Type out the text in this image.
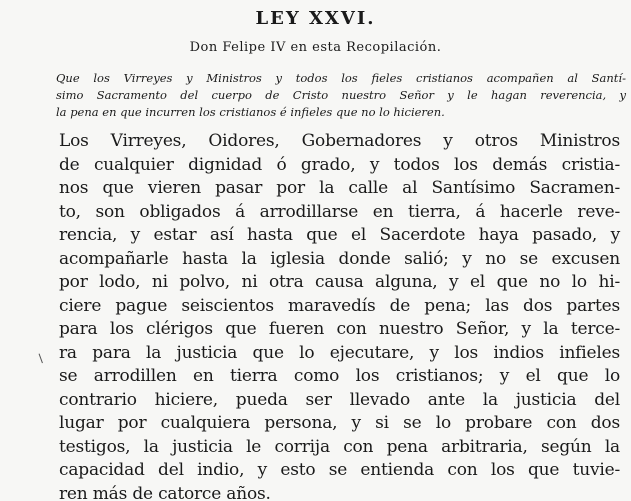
LEY XXVI.

Don Felipe IV en esta Recopilación.

Que los Virreyes y Ministros y todos los fieles cristianos acompañen al Santí-
simo Sacramento del cuerpo de Cristo nuestro Señor y le hagan reverencia, y
la pena en que incurren los cristianos é infieles que no lo hicieren.

Los Virreyes, Oidores, Gobernadores y otros Ministros
de cualquier dignidad ó grado, y todos los demás cristia-
nos que vieren pasar por la calle al Santísimo Sacramen-
to, son obligados á arrodillarse en tierra, á hacerle reve-
rencia, y estar así hasta que el Sacerdote haya pasado, y
acompañarle hasta la iglesia donde salió; y no se excusen
por lodo, ni polvo, ni otra causa alguna, y el que no lo hi-
ciere pague seiscientos maravedís de pena; las dos partes
para los clérigos que fueren con nuestro Señor, y la terce-
ra para la justicia que lo ejecutare, y los indios infieles
se arrodillen en tierra como los cristianos; y el que lo
contrario hiciere, pueda ser llevado ante la justicia del
lugar por cualquiera persona, y si se lo probare con dos
testigos, la justicia le corrija con pena arbitraria, según la
capacidad del indio, y esto se entienda con los que tuvie-
ren más de catorce años.
